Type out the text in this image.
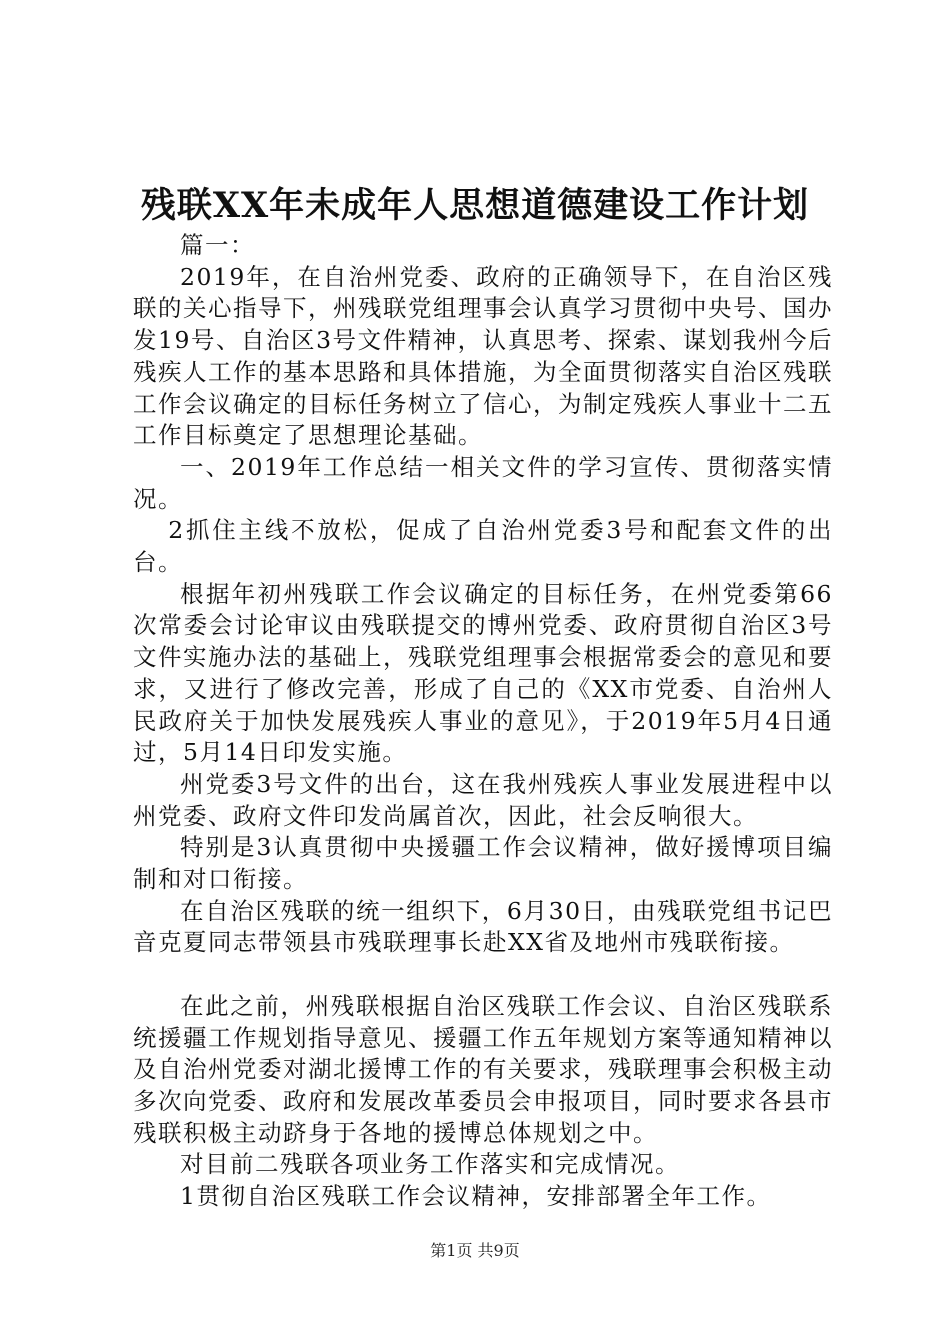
残联XX年未成年人思想道德建设工作计划

篇一：

2019年，在自治州党委、政府的正确领导下，在自治区残联的关心指导下，州残联党组理事会认真学习贯彻中央号、国办发19号、自治区3号文件精神，认真思考、探索、谋划我州今后残疾人工作的基本思路和具体措施，为全面贯彻落实自治区残联工作会议确定的目标任务树立了信心，为制定残疾人事业十二五工作目标奠定了思想理论基础。

一、2019年工作总结一相关文件的学习宣传、贯彻落实情况。

2抓住主线不放松，促成了自治州党委3号和配套文件的出台。

根据年初州残联工作会议确定的目标任务，在州党委第66次常委会讨论审议由残联提交的博州党委、政府贯彻自治区3号文件实施办法的基础上，残联党组理事会根据常委会的意见和要求，又进行了修改完善，形成了自己的《XX市党委、自治州人民政府关于加快发展残疾人事业的意见》，于2019年5月4日通过，5月14日印发实施。

州党委3号文件的出台，这在我州残疾人事业发展进程中以州党委、政府文件印发尚属首次，因此，社会反响很大。

特别是3认真贯彻中央援疆工作会议精神，做好援博项目编制和对口衔接。

在自治区残联的统一组织下，6月30日，由残联党组书记巴音克夏同志带领县市残联理事长赴XX省及地州市残联衔接。

在此之前，州残联根据自治区残联工作会议、自治区残联系统援疆工作规划指导意见、援疆工作五年规划方案等通知精神以及自治州党委对湖北援博工作的有关要求，残联理事会积极主动多次向党委、政府和发展改革委员会申报项目，同时要求各县市残联积极主动跻身于各地的援博总体规划之中。

对目前二残联各项业务工作落实和完成情况。

1贯彻自治区残联工作会议精神，安排部署全年工作。

第1页 共9页
